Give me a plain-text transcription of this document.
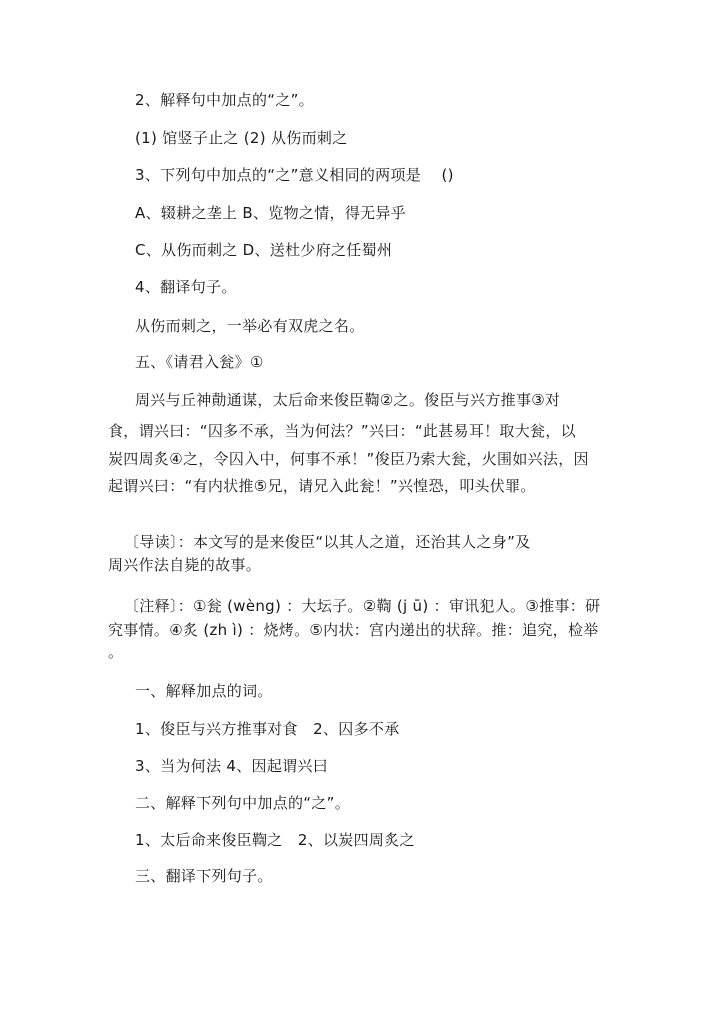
2、解释句中加点的“之”。
(1) 馆竖子止之 (2) 从伤而刺之
3、下列句中加点的“之”意义相同的两项是　 ()
A、辍耕之垄上 B、览物之情，得无异乎
C、从伤而刺之 D、送杜少府之任蜀州
4、翻译句子。
从伤而刺之，一举必有双虎之名。
五、《请君入瓮》①
周兴与丘神勣通谋，太后命来俊臣鞫②之。俊臣与兴方推事③对
食，谓兴曰：“囚多不承，当为何法？”兴曰：“此甚易耳！取大瓮，以
炭四周炙④之，令囚入中，何事不承！”俊臣乃索大瓮，火围如兴法，因
起谓兴曰：“有内状推⑤兄，请兄入此瓮！”兴惶恐，叩头伏罪。
〔导读〕：本文写的是来俊臣“以其人之道，还治其人之身”及
周兴作法自毙的故事。
〔注释〕：①瓮 (wèng) ：大坛子。②鞫 (j ū) ：审讯犯人。③推事：研
究事情。④炙 (zh ì) ：烧烤。⑤内状：宫内递出的状辞。推：追究，检举
。
一、解释加点的词。
1、俊臣与兴方推事对食　2、囚多不承
3、当为何法 4、因起谓兴曰
二、解释下列句中加点的“之”。
1、太后命来俊臣鞫之　2、以炭四周炙之
三、翻译下列句子。
